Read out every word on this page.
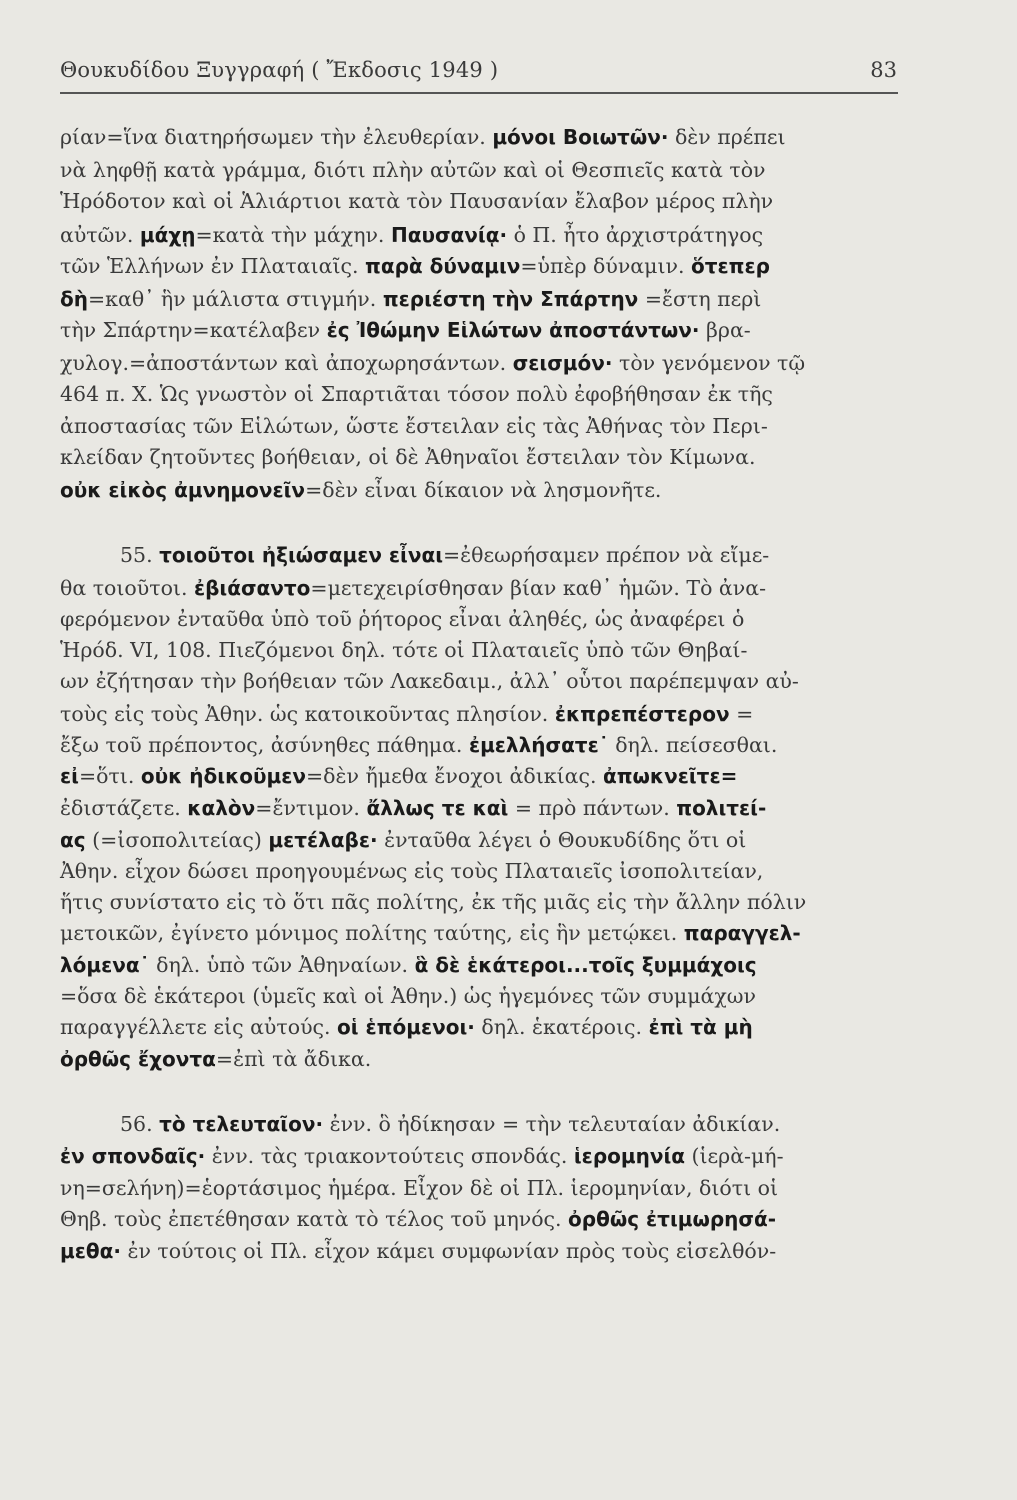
Θουκυδίδου Ξυγγραφή ( Ἔκδοσις 1949 )	83
ρίαν=ἵνα διατηρήσωμεν τὴν ἐλευθερίαν. μόνοι Βοιωτῶν· δὲν πρέπει
νὰ ληφθῇ κατὰ γράμμα, διότι πλὴν αὐτῶν καὶ οἱ Θεσπιεῖς κατὰ τὸν
Ἡρόδοτον καὶ οἱ Ἁλιάρτιοι κατὰ τὸν Παυσανίαν ἔλαβον μέρος πλὴν
αὐτῶν. μάχῃ=κατὰ τὴν μάχην. Παυσανίᾳ· ὁ Π. ἦτο ἀρχιστράτηγος
τῶν Ἑλλήνων ἐν Πλαταιαῖς. παρὰ δύναμιν=ὑπὲρ δύναμιν. ὅτεπερ
δὴ=καθ᾿ ἣν μάλιστα στιγμήν. περιέστη τὴν Σπάρτην =ἔστη περὶ
τὴν Σπάρτην=κατέλαβεν ἐς Ἰθώμην Εἱλώτων ἀποστάντων· βρα-
χυλογ.=ἀποστάντων καὶ ἀποχωρησάντων. σεισμόν· τὸν γενόμενον τῷ
464 π. Χ. Ὡς γνωστὸν οἱ Σπαρτιᾶται τόσον πολὺ ἐφοβήθησαν ἐκ τῆς
ἀποστασίας τῶν Εἱλώτων, ὥστε ἔστειλαν εἰς τὰς Ἀθήνας τὸν Περι-
κλείδαν ζητοῦντες βοήθειαν, οἱ δὲ Ἀθηναῖοι ἔστειλαν τὸν Κίμωνα.
οὐκ εἰκὸς ἀμνημονεῖν=δὲν εἶναι δίκαιον νὰ λησμονῆτε.
55. τοιοῦτοι ἠξιώσαμεν εἶναι=ἐθεωρήσαμεν πρέπον νὰ εἴμε-
θα τοιοῦτοι. ἐβιάσαντο=μετεχειρίσθησαν βίαν καθ᾿ ἡμῶν. Τὸ ἀνα-
φερόμενον ἐνταῦθα ὑπὸ τοῦ ῥήτορος εἶναι ἀληθές, ὡς ἀναφέρει ὁ
Ἡρόδ. VI, 108. Πιεζόμενοι δηλ. τότε οἱ Πλαταιεῖς ὑπὸ τῶν Θηβαί-
ων ἐζήτησαν τὴν βοήθειαν τῶν Λακεδαιμ., ἀλλ᾿ οὗτοι παρέπεμψαν αὐ-
τοὺς εἰς τοὺς Ἀθην. ὡς κατοικοῦντας πλησίον. ἐκπρεπέστερον =
ἔξω τοῦ πρέποντος, ἀσύνηθες πάθημα. ἐμελλήσατε˙ δηλ. πείσεσθαι.
εἰ=ὅτι. οὐκ ἠδικοῦμεν=δὲν ἤμεθα ἔνοχοι ἀδικίας. ἀπωκνεῖτε=
ἐδιστάζετε. καλὸν=ἔντιμον. ἄλλως τε καὶ = πρὸ πάντων. πολιτεί-
ας (=ἰσοπολιτείας) μετέλαβε· ἐνταῦθα λέγει ὁ Θουκυδίδης ὅτι οἱ
Ἀθην. εἶχον δώσει προηγουμένως εἰς τοὺς Πλαταιεῖς ἰσοπολιτείαν,
ἥτις συνίστατο εἰς τὸ ὅτι πᾶς πολίτης, ἐκ τῆς μιᾶς εἰς τὴν ἄλλην πόλιν
μετοικῶν, ἐγίνετο μόνιμος πολίτης ταύτης, εἰς ἣν μετῴκει. παραγγελ-
λόμενα˙ δηλ. ὑπὸ τῶν Ἀθηναίων. ἃ δὲ ἑκάτεροι...τοῖς ξυμμάχοις
=ὅσα δὲ ἑκάτεροι (ὑμεῖς καὶ οἱ Ἀθην.) ὡς ἡγεμόνες τῶν συμμάχων
παραγγέλλετε εἰς αὐτούς. οἱ ἑπόμενοι· δηλ. ἑκατέροις. ἐπὶ τὰ μὴ
ὀρθῶς ἔχοντα=ἐπὶ τὰ ἄδικα.
56. τὸ τελευταῖον· ἐνν. ὃ ἠδίκησαν = τὴν τελευταίαν ἀδικίαν.
ἐν σπονδαῖς· ἐνν. τὰς τριακοντούτεις σπονδάς. ἱερομηνία (ἱερὰ-μή-
νη=σελήνη)=ἑορτάσιμος ἡμέρα. Εἶχον δὲ οἱ Πλ. ἱερομηνίαν, διότι οἱ
Θηβ. τοὺς ἐπετέθησαν κατὰ τὸ τέλος τοῦ μηνός. ὀρθῶς ἐτιμωρησά-
μεθα· ἐν τούτοις οἱ Πλ. εἶχον κάμει συμφωνίαν πρὸς τοὺς εἰσελθόν-
